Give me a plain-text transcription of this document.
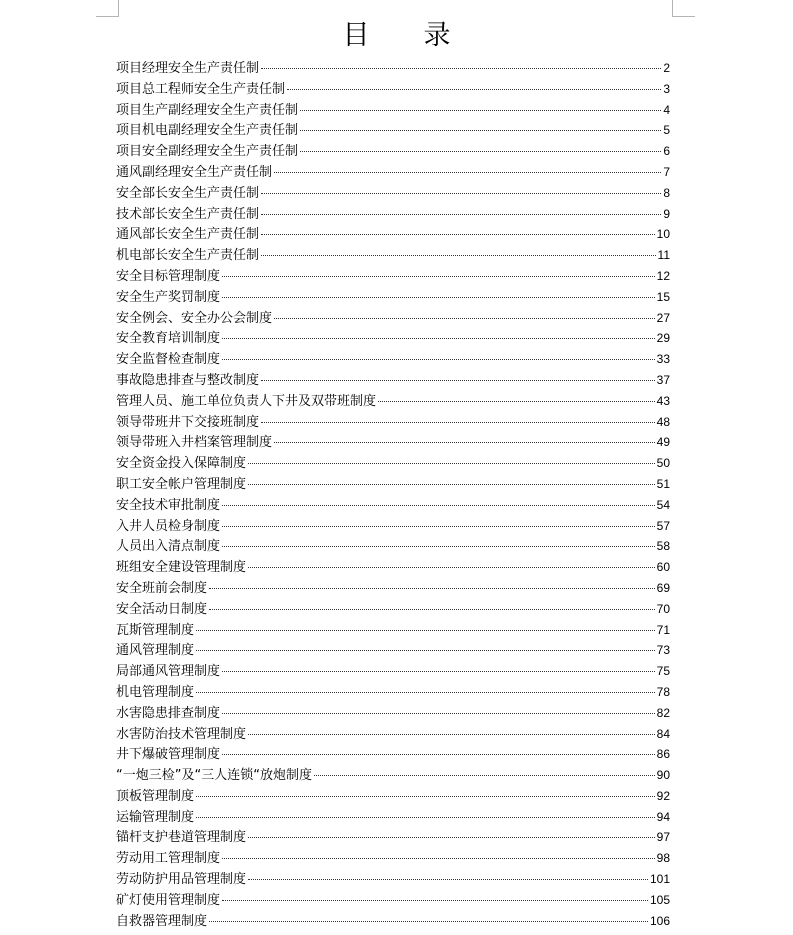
目　　录
项目经理安全生产责任制	2
项目总工程师安全生产责任制	3
项目生产副经理安全生产责任制	4
项目机电副经理安全生产责任制	5
项目安全副经理安全生产责任制	6
通风副经理安全生产责任制	7
安全部长安全生产责任制	8
技术部长安全生产责任制	9
通风部长安全生产责任制	10
机电部长安全生产责任制	11
安全目标管理制度	12
安全生产奖罚制度	15
安全例会、安全办公会制度	27
安全教育培训制度	29
安全监督检查制度	33
事故隐患排查与整改制度	37
管理人员、施工单位负责人下井及双带班制度	43
领导带班井下交接班制度	48
领导带班入井档案管理制度	49
安全资金投入保障制度	50
职工安全帐户管理制度	51
安全技术审批制度	54
入井人员检身制度	57
人员出入清点制度	58
班组安全建设管理制度	60
安全班前会制度	69
安全活动日制度	70
瓦斯管理制度	71
通风管理制度	73
局部通风管理制度	75
机电管理制度	78
水害隐患排查制度	82
水害防治技术管理制度	84
井下爆破管理制度	86
“一炮三检”及“三人连锁“放炮制度	90
顶板管理制度	92
运输管理制度	94
锚杆支护巷道管理制度	97
劳动用工管理制度	98
劳动防护用品管理制度	101
矿灯使用管理制度	105
自救器管理制度	106
